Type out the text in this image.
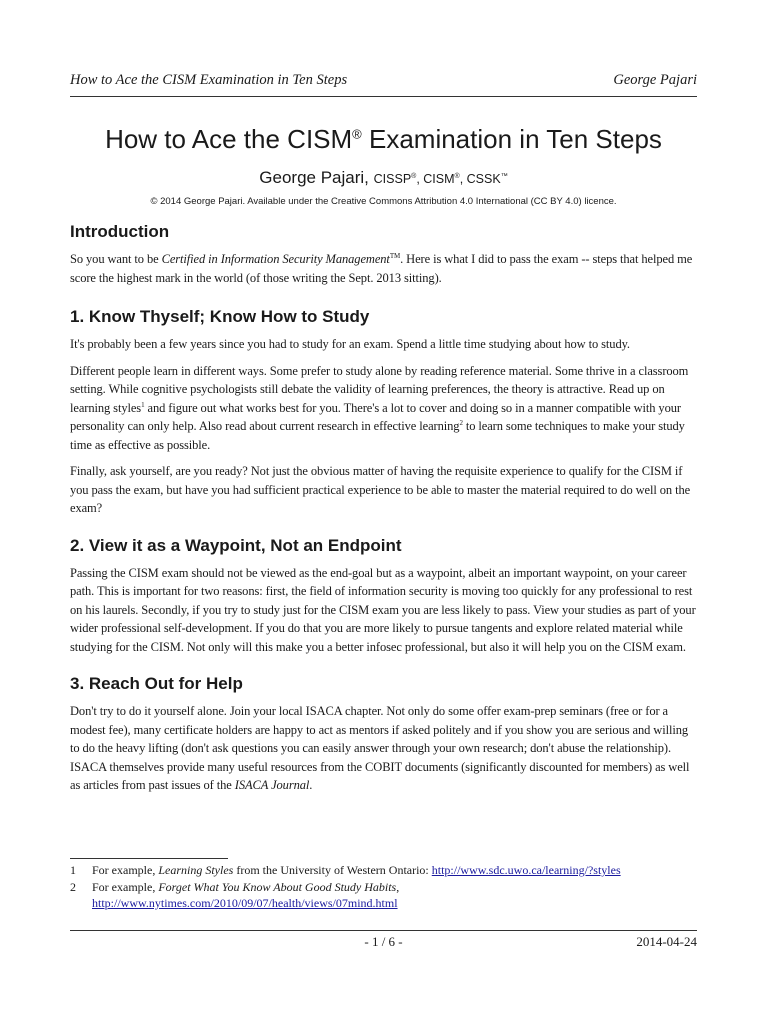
How to Ace the CISM Examination in Ten Steps	George Pajari
How to Ace the CISM® Examination in Ten Steps
George Pajari, CISSP®, CISM®, CSSK™
© 2014 George Pajari. Available under the Creative Commons Attribution 4.0 International (CC BY 4.0) licence.
Introduction

So you want to be Certified in Information Security Management™. Here is what I did to pass the exam -- steps that helped me score the highest mark in the world (of those writing the Sept. 2013 sitting).

1. Know Thyself; Know How to Study

It's probably been a few years since you had to study for an exam. Spend a little time studying about how to study.

Different people learn in different ways. Some prefer to study alone by reading reference material. Some thrive in a classroom setting. While cognitive psychologists still debate the validity of learning preferences, the theory is attractive. Read up on learning styles$^1$ and figure out what works best for you. There's a lot to cover and doing so in a manner compatible with your personality can only help. Also read about current research in effective learning$^2$ to learn some techniques to make your study time as effective as possible.

Finally, ask yourself, are you ready? Not just the obvious matter of having the requisite experience to qualify for the CISM if you pass the exam, but have you had sufficient practical experience to be able to master the material required to do well on the exam?

2. View it as a Waypoint, Not an Endpoint

Passing the CISM exam should not be viewed as the end-goal but as a waypoint, albeit an important waypoint, on your career path. This is important for two reasons: first, the field of information security is moving too quickly for any professional to rest on his laurels. Secondly, if you try to study just for the CISM exam you are less likely to pass. View your studies as part of your wider professional self-development. If you do that you are more likely to pursue tangents and explore related material while studying for the CISM. Not only will this make you a better infosec professional, but also it will help you on the CISM exam.

3. Reach Out for Help

Don't try to do it yourself alone. Join your local ISACA chapter. Not only do some offer exam-prep seminars (free or for a modest fee), many certificate holders are happy to act as mentors if asked politely and if you show you are serious and willing to do the heavy lifting (don't ask questions you can easily answer through your own research; don't abuse the relationship). ISACA themselves provide many useful resources from the COBIT documents (significantly discounted for members) as well as articles from past issues of the ISACA Journal.

1	For example, Learning Styles from the University of Western Ontario: http://www.sdc.uwo.ca/learning/?styles
2	For example, Forget What You Know About Good Study Habits,
http://www.nytimes.com/2010/09/07/health/views/07mind.html
- 1 / 6 -	2014-04-24
